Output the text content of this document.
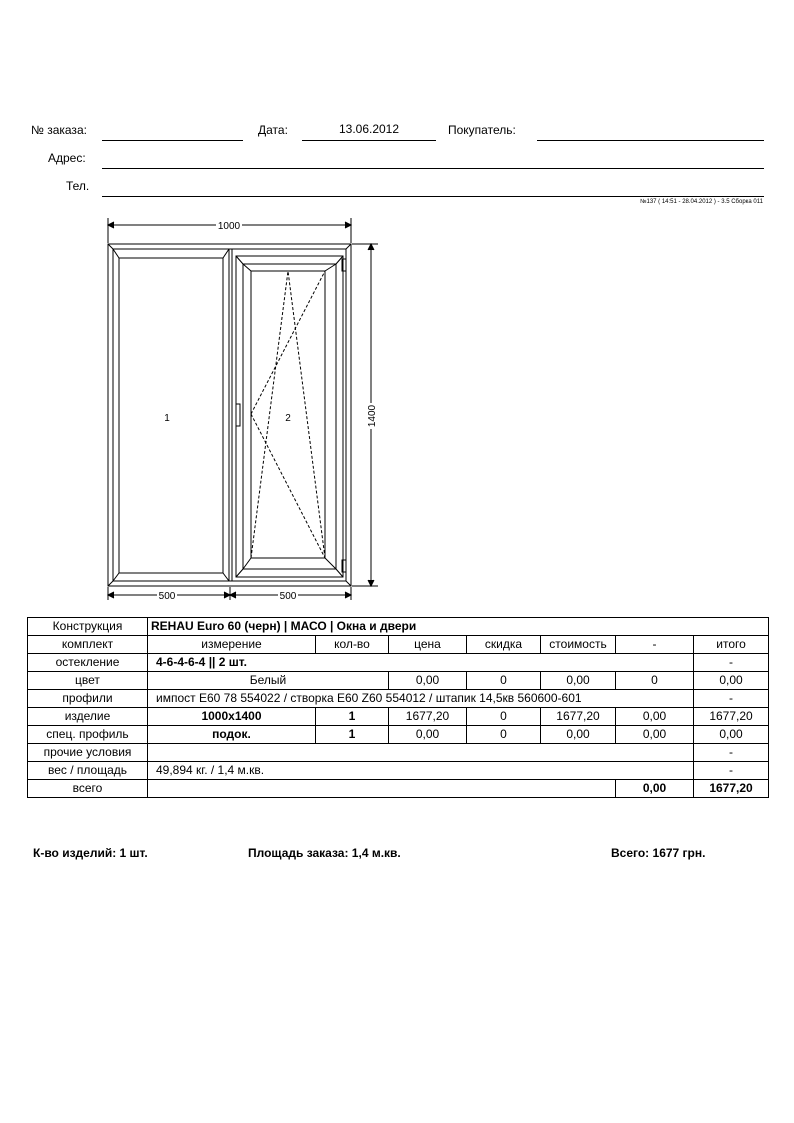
№ заказа:	Дата:	13.06.2012	Покупатель:
Адрес:
Тел.
№137 ( 14:51 - 28.04.2012 ) - 3.5 Сборка 011
1000
1400
500	500
1	2
Конструкция	REHAU Euro 60 (черн) | МАСО | Окна и двери						
комплект	измерение	кол-во	цена	скидка	стоимость	-	итого
остекление	4-6-4-6-4 || 2 шт.						-
цвет	Белый		0,00	0	0,00	0	0,00
профили	импост Е60 78 554022 / створка Е60 Z60 554012 / штапик 14,5кв 560600-601						-
изделие	1000x1400	1	1677,20	0	1677,20	0,00	1677,20
спец. профиль	подок.	1	0,00	0	0,00	0,00	0,00
прочие условия							-
вес / площадь	49,894 кг. / 1,4 м.кв.						-
всего						0,00	1677,20
К-во изделий: 1 шт.	Площадь заказа: 1,4 м.кв.	Всего: 1677 грн.
